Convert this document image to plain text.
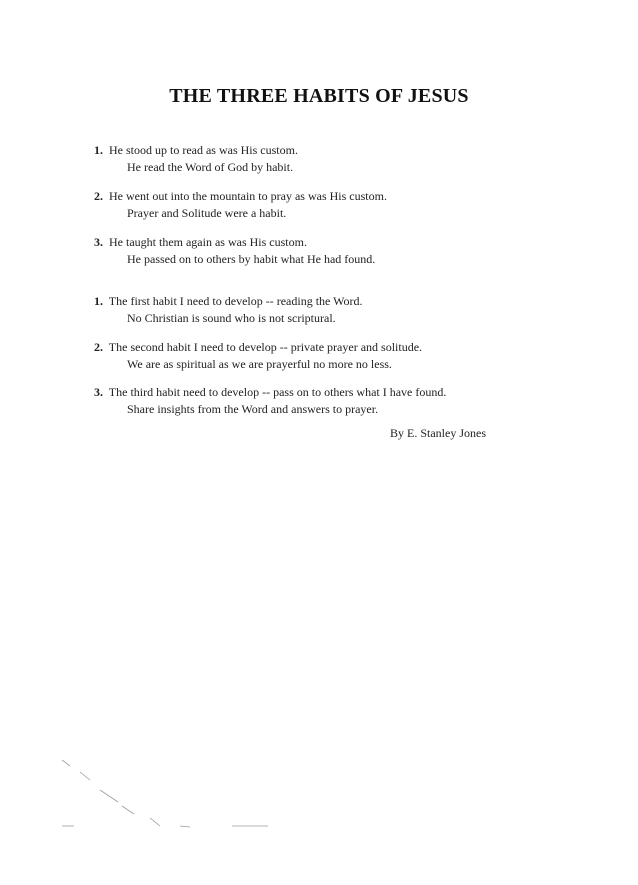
THE THREE HABITS OF JESUS
1. He stood up to read as was His custom.
He read the Word of God by habit.
2. He went out into the mountain to pray as was His custom.
Prayer and Solitude were a habit.
3. He taught them again as was His custom.
He passed on to others by habit what He had found.
1. The first habit I need to develop -- reading the Word.
No Christian is sound who is not scriptural.
2. The second habit I need to develop -- private prayer and solitude.
We are as spiritual as we are prayerful no more no less.
3. The third habit need to develop -- pass on to others what I have found.
Share insights from the Word and answers to prayer.
By E. Stanley Jones
